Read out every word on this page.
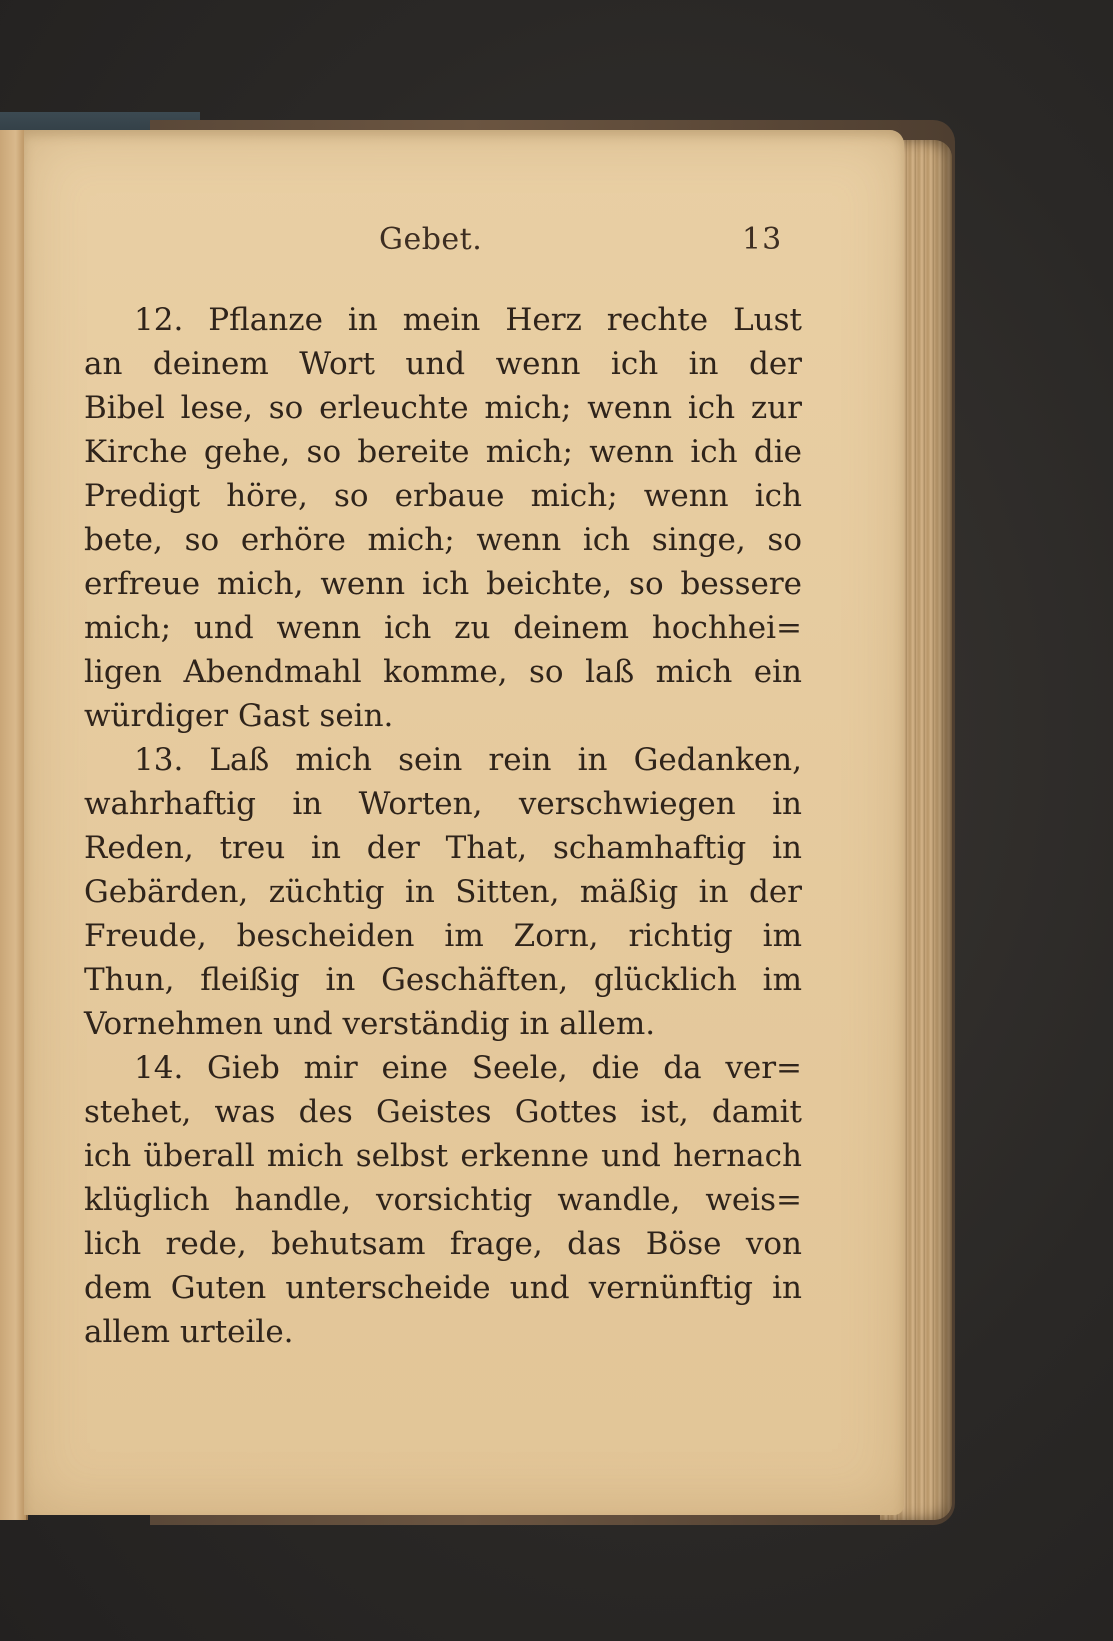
Gebet.	13
12. Pflanze in mein Herz rechte Lust
an deinem Wort und wenn ich in der
Bibel lese, so erleuchte mich; wenn ich zur
Kirche gehe, so bereite mich; wenn ich die
Predigt höre, so erbaue mich; wenn ich
bete, so erhöre mich; wenn ich singe, so
erfreue mich, wenn ich beichte, so bessere
mich; und wenn ich zu deinem hochhei=
ligen Abendmahl komme, so laß mich ein
würdiger Gast sein.
13. Laß mich sein rein in Gedanken,
wahrhaftig in Worten, verschwiegen in
Reden, treu in der That, schamhaftig in
Gebärden, züchtig in Sitten, mäßig in der
Freude, bescheiden im Zorn, richtig im
Thun, fleißig in Geschäften, glücklich im
Vornehmen und verständig in allem.
14. Gieb mir eine Seele, die da ver=
stehet, was des Geistes Gottes ist, damit
ich überall mich selbst erkenne und hernach
klüglich handle, vorsichtig wandle, weis=
lich rede, behutsam frage, das Böse von
dem Guten unterscheide und vernünftig in
allem urteile.
